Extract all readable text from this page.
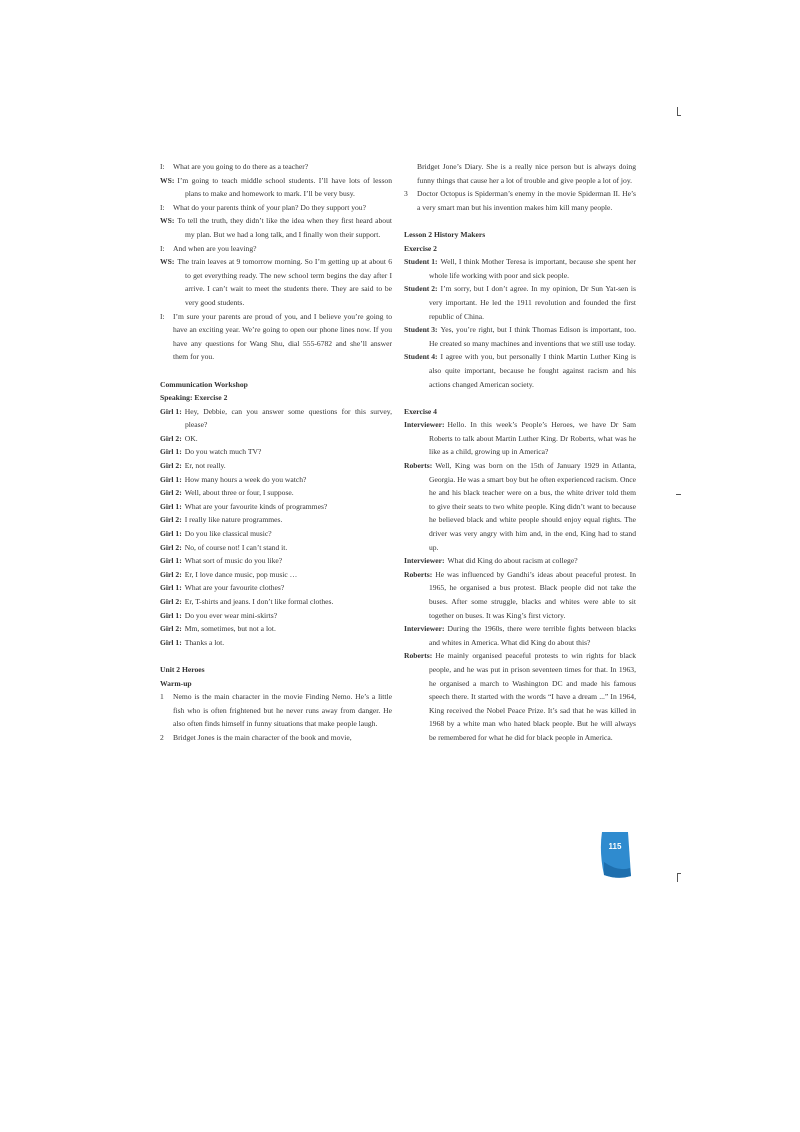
I: What are you going to do there as a teacher?
WS: I’m going to teach middle school students. I’ll have lots of lesson plans to make and homework to mark. I’ll be very busy.
I: What do your parents think of your plan? Do they support you?
WS: To tell the truth, they didn’t like the idea when they first heard about my plan. But we had a long talk, and I finally won their support.
I: And when are you leaving?
WS: The train leaves at 9 tomorrow morning. So I’m getting up at about 6 to get everything ready. The new school term begins the day after I arrive. I can’t wait to meet the students there. They are said to be very good students.
I: I’m sure your parents are proud of you, and I believe you’re going to have an exciting year. We’re going to open our phone lines now. If you have any questions for Wang Shu, dial 555-6782 and she’ll answer them for you.
Communication Workshop
Speaking: Exercise 2
Girl 1: Hey, Debbie, can you answer some questions for this survey, please?
Girl 2: OK.
Girl 1: Do you watch much TV?
Girl 2: Er, not really.
Girl 1: How many hours a week do you watch?
Girl 2: Well, about three or four, I suppose.
Girl 1: What are your favourite kinds of programmes?
Girl 2: I really like nature programmes.
Girl 1: Do you like classical music?
Girl 2: No, of course not! I can’t stand it.
Girl 1: What sort of music do you like?
Girl 2: Er, I love dance music, pop music …
Girl 1: What are your favourite clothes?
Girl 2: Er, T-shirts and jeans. I don’t like formal clothes.
Girl 1: Do you ever wear mini-skirts?
Girl 2: Mm, sometimes, but not a lot.
Girl 1: Thanks a lot.
Unit 2 Heroes
Warm-up
1 Nemo is the main character in the movie Finding Nemo. He’s a little fish who is often frightened but he never runs away from danger. He also often finds himself in funny situations that make people laugh.
2 Bridget Jones is the main character of the book and movie,
Bridget Jone’s Diary. She is a really nice person but is always doing funny things that cause her a lot of trouble and give people a lot of joy.
3 Doctor Octopus is Spiderman’s enemy in the movie Spiderman II. He’s a very smart man but his invention makes him kill many people.
Lesson 2 History Makers
Exercise 2
Student 1: Well, I think Mother Teresa is important, because she spent her whole life working with poor and sick people.
Student 2: I’m sorry, but I don’t agree. In my opinion, Dr Sun Yat-sen is very important. He led the 1911 revolution and founded the first republic of China.
Student 3: Yes, you’re right, but I think Thomas Edison is important, too. He created so many machines and inventions that we still use today.
Student 4: I agree with you, but personally I think Martin Luther King is also quite important, because he fought against racism and his actions changed American society.
Exercise 4
Interviewer: Hello. In this week’s People’s Heroes, we have Dr Sam Roberts to talk about Martin Luther King. Dr Roberts, what was he like as a child, growing up in America?
Roberts: Well, King was born on the 15th of January 1929 in Atlanta, Georgia. He was a smart boy but he often experienced racism. Once he and his black teacher were on a bus, the white driver told them to give their seats to two white people. King didn’t want to because he believed black and white people should enjoy equal rights. The driver was very angry with him and, in the end, King had to stand up.
Interviewer: What did King do about racism at college?
Roberts: He was influenced by Gandhi’s ideas about peaceful protest. In 1965, he organised a bus protest. Black people did not take the buses. After some struggle, blacks and whites were able to sit together on buses. It was King’s first victory.
Interviewer: During the 1960s, there were terrible fights between blacks and whites in America. What did King do about this?
Roberts: He mainly organised peaceful protests to win rights for black people, and he was put in prison seventeen times for that. In 1963, he organised a march to Washington DC and made his famous speech there. It started with the words “I have a dream ...” In 1964, King received the Nobel Peace Prize. It’s sad that he was killed in 1968 by a white man who hated black people. But he will always be remembered for what he did for black people in America.
115
